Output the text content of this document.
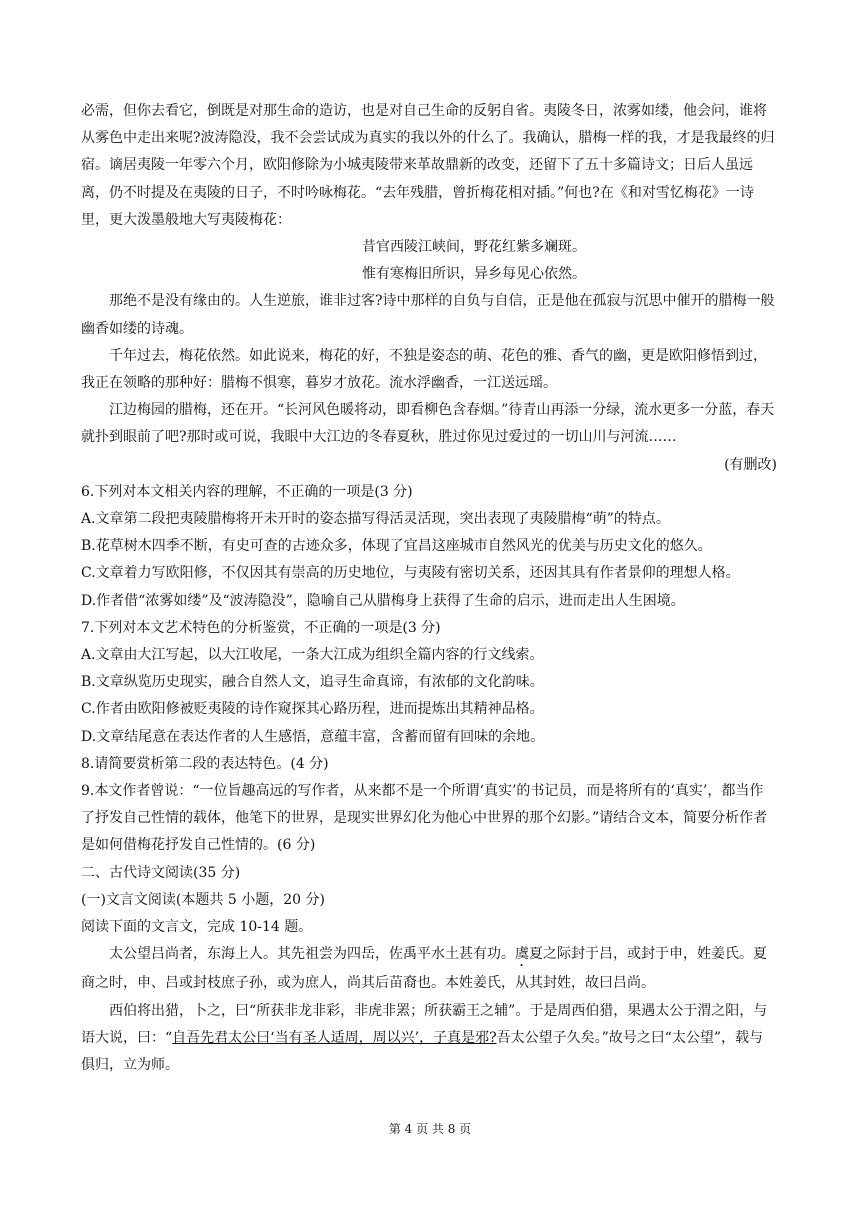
必需，但你去看它，倒既是对那生命的造访，也是对自己生命的反躬自省。夷陵冬日，浓雾如缕，他会问，谁将从雾色中走出来呢?波涛隐没，我不会尝试成为真实的我以外的什么了。我确认，腊梅一样的我，才是我最终的归宿。谪居夷陵一年零六个月，欧阳修除为小城夷陵带来革故鼎新的改变，还留下了五十多篇诗文；日后人虽远离，仍不时提及在夷陵的日子，不时吟咏梅花。“去年残腊，曾折梅花相对插。”何也?在《和对雪忆梅花》一诗里，更大泼墨般地大写夷陵梅花：

昔官西陵江峡间，野花红紫多斓斑。

惟有寒梅旧所识，异乡每见心依然。

那绝不是没有缘由的。人生逆旅，谁非过客?诗中那样的自负与自信，正是他在孤寂与沉思中催开的腊梅一般幽香如缕的诗魂。

千年过去，梅花依然。如此说来，梅花的好，不独是姿态的萌、花色的雅、香气的幽，更是欧阳修悟到过，我正在领略的那种好：腊梅不惧寒，暮岁才放花。流水浮幽香，一江送远瑶。

江边梅园的腊梅，还在开。“长河风色暖将动，即看柳色含春烟。”待青山再添一分绿，流水更多一分蓝，春天就扑到眼前了吧?那时或可说，我眼中大江边的冬春夏秋，胜过你见过爱过的一切山川与河流……

(有删改)

6.下列对本文相关内容的理解，不正确的一项是(3 分)

A.文章第二段把夷陵腊梅将开未开时的姿态描写得活灵活现，突出表现了夷陵腊梅“萌”的特点。

B.花草树木四季不断，有史可查的古迹众多，体现了宜昌这座城市自然风光的优美与历史文化的悠久。

C.文章着力写欧阳修，不仅因其有崇高的历史地位，与夷陵有密切关系，还因其具有作者景仰的理想人格。

D.作者借“浓雾如缕”及“波涛隐没”，隐喻自己从腊梅身上获得了生命的启示，进而走出人生困境。

7.下列对本文艺术特色的分析鉴赏，不正确的一项是(3 分)

A.文章由大江写起，以大江收尾，一条大江成为组织全篇内容的行文线索。

B.文章纵览历史现实，融合自然人文，追寻生命真谛，有浓郁的文化韵味。

C.作者由欧阳修被贬夷陵的诗作窥探其心路历程，进而提炼出其精神品格。

D.文章结尾意在表达作者的人生感悟，意蕴丰富，含蓄而留有回味的余地。

8.请简要赏析第二段的表达特色。(4 分)

9.本文作者曾说：“一位旨趣高远的写作者，从来都不是一个所谓‘真实’的书记员，而是将所有的‘真实’，都当作了抒发自己性情的载体，他笔下的世界，是现实世界幻化为他心中世界的那个幻影。”请结合文本，简要分析作者是如何借梅花抒发自己性情的。(6 分)

二、古代诗文阅读(35 分)

(一)文言文阅读(本题共 5 小题，20 分)

阅读下面的文言文，完成 10-14 题。

太公望吕尚者，东海上人。其先祖尝为四岳，佐禹平水土甚有功。虞夏之际封于吕，或封于申，姓姜氏。夏商之时，申、吕或封枝庶子孙，或为庶人，尚其后苗裔也。本姓姜氏，从其封姓，故曰吕尚。

西伯将出猎，卜之，曰“所获非龙非彩，非虎非罴；所获霸王之辅”。于是周西伯猎，果遇太公于渭之阳，与语大说，曰：“自吾先君太公曰‘当有圣人适周，周以兴’，子真是邪?吾太公望子久矣。”故号之曰“太公望”，载与俱归，立为师。

第 4 页 共 8 页
